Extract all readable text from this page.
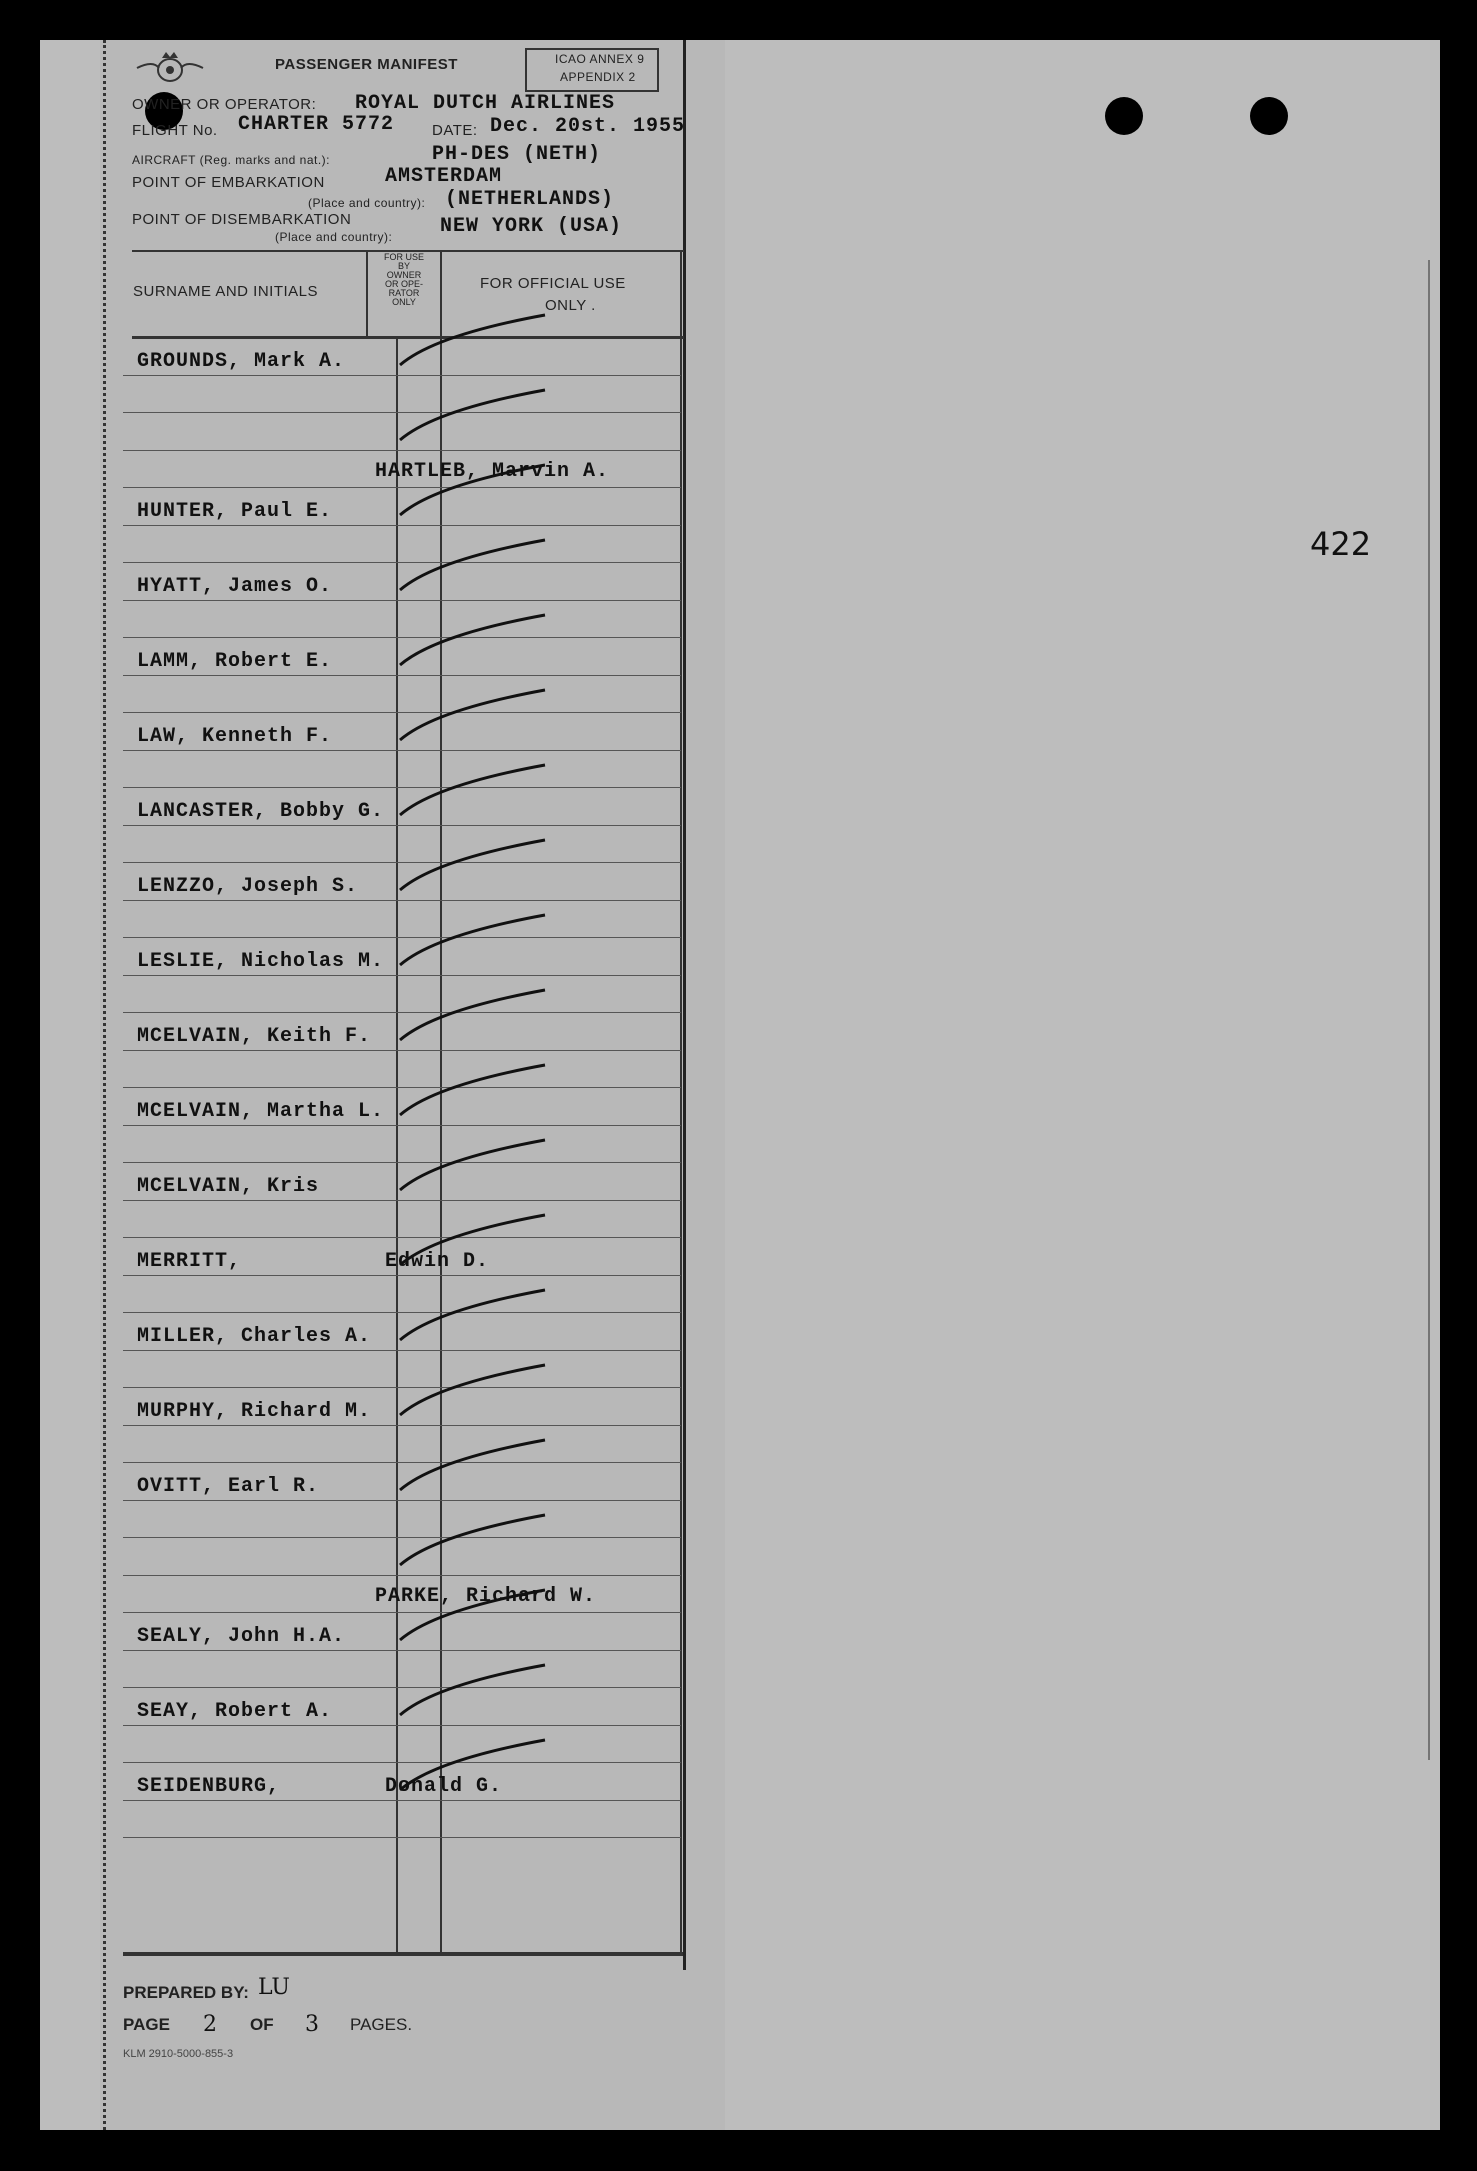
PASSENGER MANIFEST	ICAO ANNEX 9
APPENDIX 2
OWNER OR OPERATOR: ROYAL DUTCH AIRLINES
FLIGHT No. CHARTER 5772	DATE: Dec. 20st. 1955
AIRCRAFT (Reg. marks and nat.):	PH-DES (NETH)
POINT OF EMBARKATION	AMSTERDAM
(Place and country): (NETHERLANDS)
POINT OF DISEMBARKATION
(Place and country): NEW YORK (USA)
SURNAME AND INITIALS
FOR USE
BY
OWNER
OR OPE-
RATOR
ONLY
FOR OFFICIAL USE
ONLY .
GROUNDS, Mark A.
HARTLEB, Marvin A.
HUNTER, Paul E.
HYATT, James O.
LAMM, Robert E.
LAW, Kenneth F.
LANCASTER, Bobby G.
LENZZO, Joseph S.
LESLIE, Nicholas M.
MCELVAIN, Keith F.
MCELVAIN, Martha L.
MCELVAIN, Kris
MERRITT,	Edwin D.
MILLER, Charles A.
MURPHY, Richard M.
OVITT, Earl R.
PARKE, Richard W.
SEALY, John H.A.
SEAY, Robert A.
SEIDENBURG,	Donald G.
PREPARED BY: LU
PAGE 2 OF 3 PAGES.
KLM 2910-5000-855-3
422
